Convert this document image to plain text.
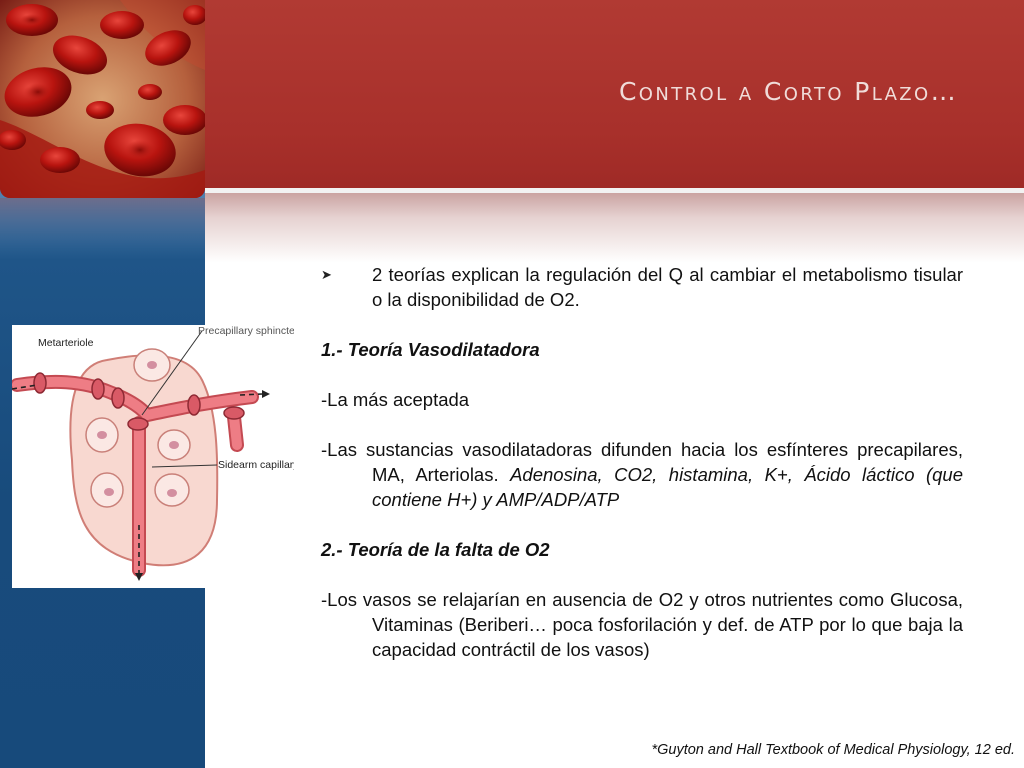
Metarteriole
Precapillary sphincter
Sidearm capillary
Control a Corto Plazo…
➤	2 teorías explican la regulación del Q al cambiar el metabolismo tisular o la disponibilidad de O2.

1.- Teoría Vasodilatadora

-La más aceptada

-Las sustancias vasodilatadoras difunden hacia los esfínteres precapilares, MA, Arteriolas. Adenosina, CO2, histamina, K+, Ácido láctico (que contiene H+) y AMP/ADP/ATP

2.- Teoría de la falta de O2

-Los vasos se relajarían en ausencia de O2 y otros nutrientes como Glucosa, Vitaminas (Beriberi… poca fosforilación y def. de ATP por lo que baja la capacidad contráctil de los vasos)

*Guyton and Hall Textbook of Medical Physiology, 12 ed.
